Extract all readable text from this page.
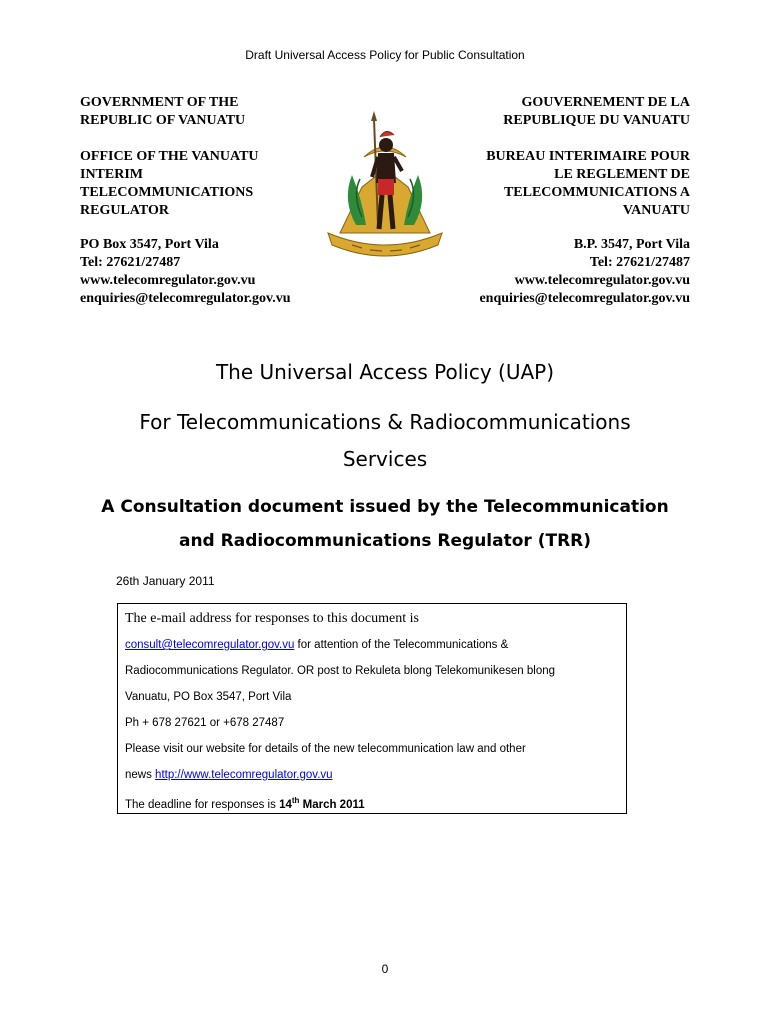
Draft Universal Access Policy for Public Consultation
GOVERNMENT OF THE
REPUBLIC OF VANUATU
OFFICE OF THE VANUATU
INTERIM
TELECOMMUNICATIONS
REGULATOR
PO Box 3547, Port Vila
Tel: 27621/27487
www.telecomregulator.gov.vu
enquiries@telecomregulator.gov.vu
GOUVERNEMENT DE LA
REPUBLIQUE DU VANUATU
BUREAU INTERIMAIRE POUR
LE REGLEMENT DE
TELECOMMUNICATIONS A
VANUATU
B.P. 3547, Port Vila
Tel: 27621/27487
www.telecomregulator.gov.vu
enquiries@telecomregulator.gov.vu
The Universal Access Policy (UAP)
For Telecommunications & Radiocommunications
Services
A Consultation document issued by the Telecommunication
and Radiocommunications Regulator (TRR)
26th January 2011
The e-mail address for responses to this document is
consult@telecomregulator.gov.vu for attention of the Telecommunications &
Radiocommunications Regulator. OR post to Rekuleta blong Telekomunikesen blong
Vanuatu, PO Box 3547, Port Vila
Ph + 678 27621 or +678 27487
Please visit our website for details of the new telecommunication law and other
news http://www.telecomregulator.gov.vu
The deadline for responses is 14th March 2011
0
